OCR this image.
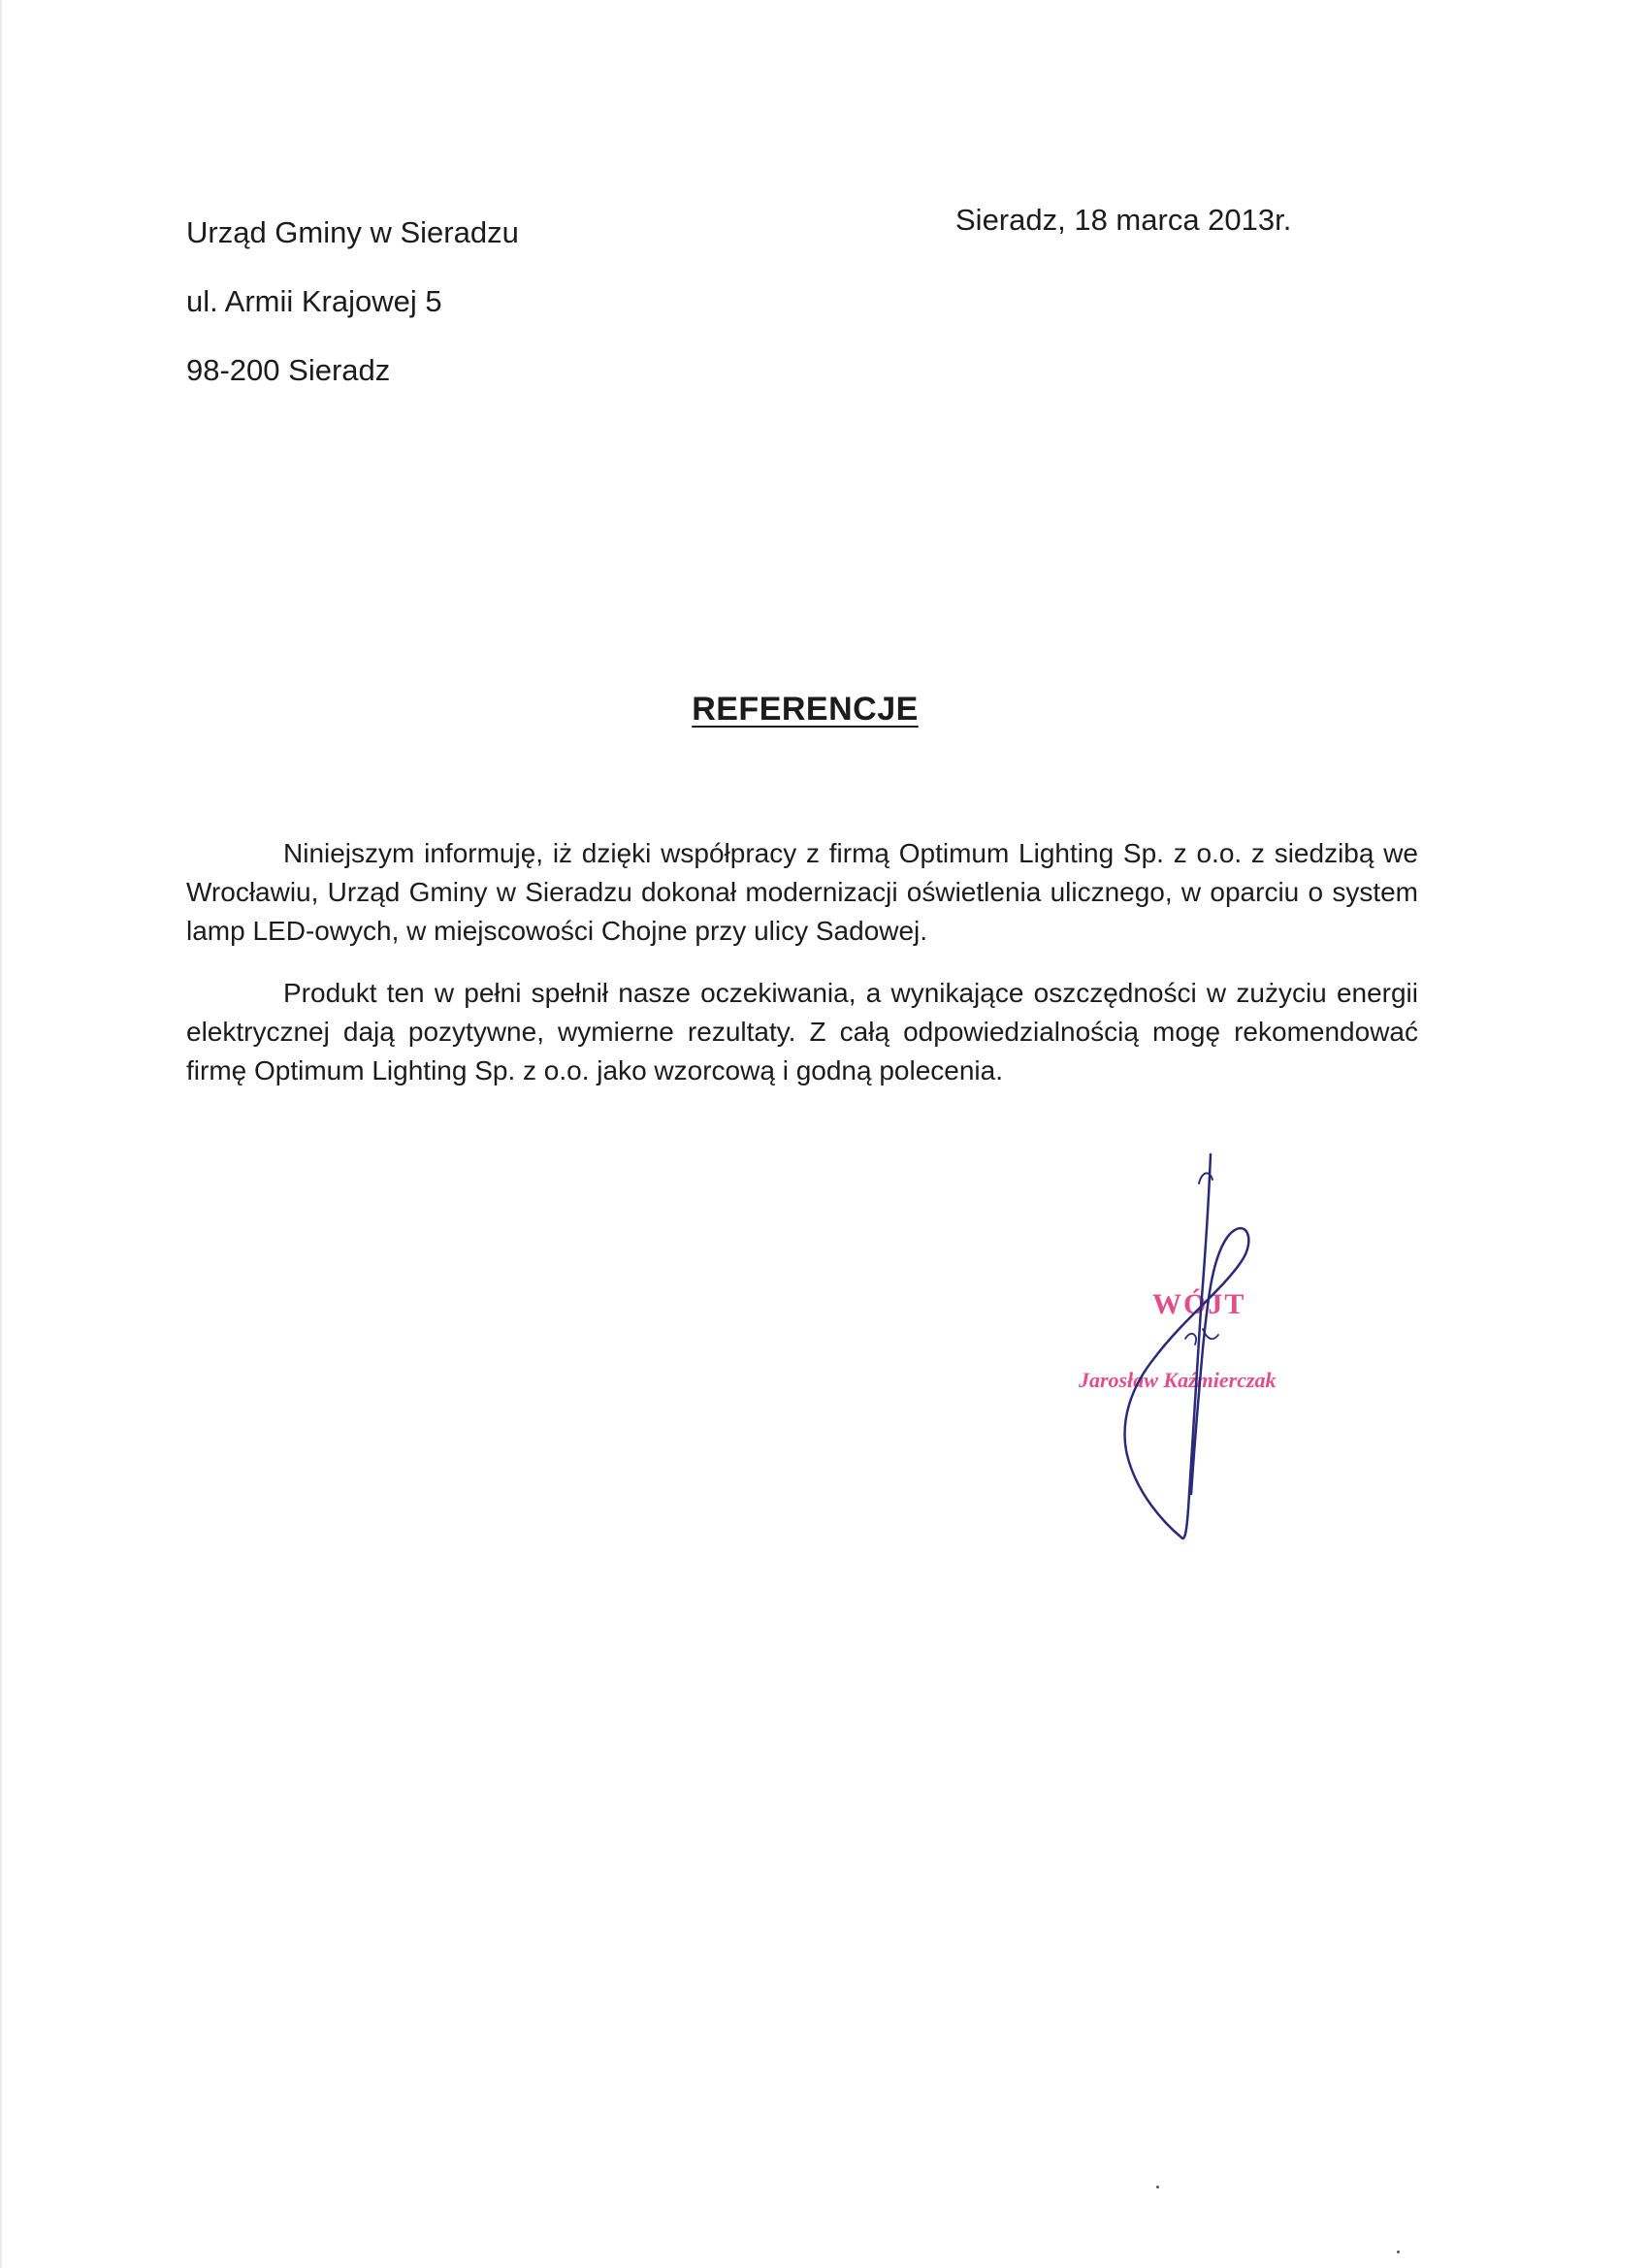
Urząd Gminy w Sieradzu
ul. Armii Krajowej 5
98-200 Sieradz
Sieradz, 18 marca 2013r.
REFERENCJE

Niniejszym informuję, iż dzięki współpracy z firmą Optimum Lighting Sp. z o.o. z siedzibą we Wrocławiu, Urząd Gminy w Sieradzu dokonał modernizacji oświetlenia ulicznego, w oparciu o system lamp LED-owych, w miejscowości Chojne przy ulicy Sadowej.

Produkt ten w pełni spełnił nasze oczekiwania, a wynikające oszczędności w zużyciu energii elektrycznej dają pozytywne, wymierne rezultaty. Z całą odpowiedzialnością mogę rekomendować firmę Optimum Lighting Sp. z o.o. jako wzorcową i godną polecenia.

WÓJT
Jarosław Kaźmierczak
